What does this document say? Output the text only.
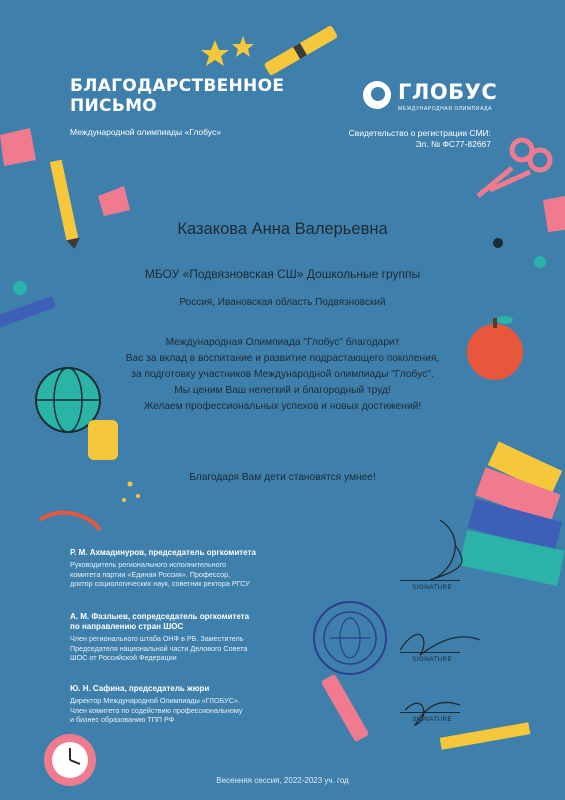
БЛАГОДАРСТВЕННОЕ
ПИСЬМО
Международной олимпиады «Глобус»
ГЛОБУС
МЕЖДУНАРОДНАЯ ОЛИМПИАДА
Свидетельство о регистрации СМИ:
Эл. № ФС77-82667
Казакова Анна Валерьевна
МБОУ «Подвязновская СШ» Дошкольные группы
Россия, Ивановская область Подвязновский
Международная Олимпиада "Глобус" благодарит
Вас за вклад в воспитание и развитие подрастающего поколения,
за подготовку участников Международной олимпиады "Глобус".
Мы ценим Ваш нелегкий и благородный труд!
Желаем профессиональных успехов и новых достижений!
Благодаря Вам дети становятся умнее!
Р. М. Ахмадинуров, председатель оргкомитета
Руководитель регионального исполнительного
комитета партии «Единая Россия». Профессор,
доктор социологических наук, советник ректора РГСУ	SIGNATURE
А. М. Фазлыев, сопредседатель оргкомитета
по направлению стран ШОС
Член регионального штаба ОНФ в РБ. Заместитель
Председателя национальной части Делового Совета
ШОС от Российской Федерации	SIGNATURE
Ю. Н. Сафина, председатель жюри
Директор Международной Олимпиады «ГЛОБУС».
Член комитета по содействию профессиональному
и бизнес образованию ТПП РФ	SIGNATURE
Весенняя сессия, 2022-2023 уч. год
